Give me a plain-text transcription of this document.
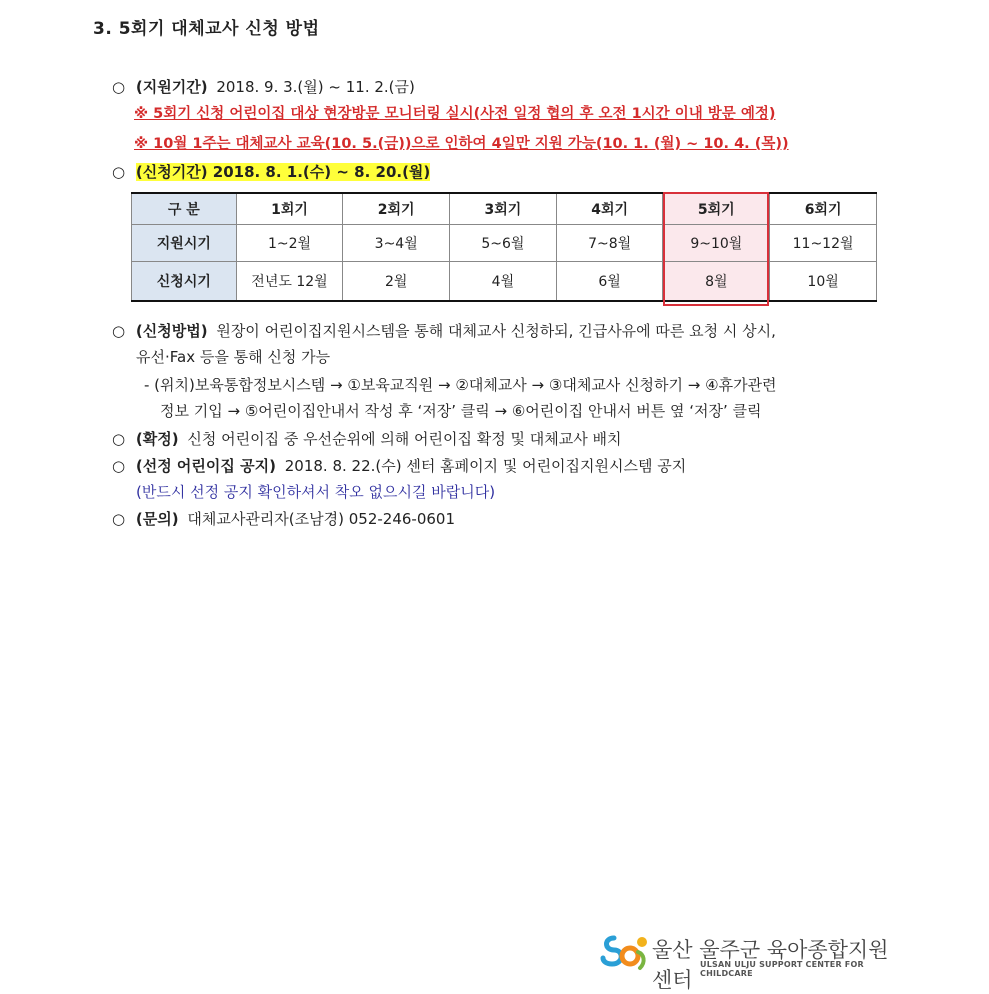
3. 5회기 대체교사 신청 방법
○ (지원기간) 2018. 9. 3.(월) ~ 11. 2.(금)
※ 5회기 신청 어린이집 대상 현장방문 모니터링 실시(사전 일정 협의 후 오전 1시간 이내 방문 예정)
※ 10월 1주는 대체교사 교육(10. 5.(금))으로 인하여 4일만 지원 가능(10. 1. (월) ~ 10. 4. (목))
○ (신청기간) 2018. 8. 1.(수) ~ 8. 20.(월)
구 분	1회기	2회기	3회기	4회기	5회기	6회기
지원시기	1~2월	3~4월	5~6월	7~8월	9~10월	11~12월
신청시기	전년도 12월	2월	4월	6월	8월	10월
○ (신청방법) 원장이 어린이집지원시스템을 통해 대체교사 신청하되, 긴급사유에 따른 요청 시 상시,
유선·Fax 등을 통해 신청 가능
- (위치)보육통합정보시스템 → ①보육교직원 → ②대체교사 → ③대체교사 신청하기 → ④휴가관련
정보 기입 → ⑤어린이집안내서 작성 후 ‘저장’ 클릭 → ⑥어린이집 안내서 버튼 옆 ‘저장’ 클릭
○ (확정) 신청 어린이집 중 우선순위에 의해 어린이집 확정 및 대체교사 배치
○ (선정 어린이집 공지) 2018. 8. 22.(수) 센터 홈페이지 및 어린이집지원시스템 공지
(반드시 선정 공지 확인하셔서 착오 없으시길 바랍니다)
○ (문의) 대체교사관리자(조남경) 052-246-0601
울산 울주군 육아종합지원센터
ULSAN ULJU SUPPORT CENTER FOR CHILDCARE
